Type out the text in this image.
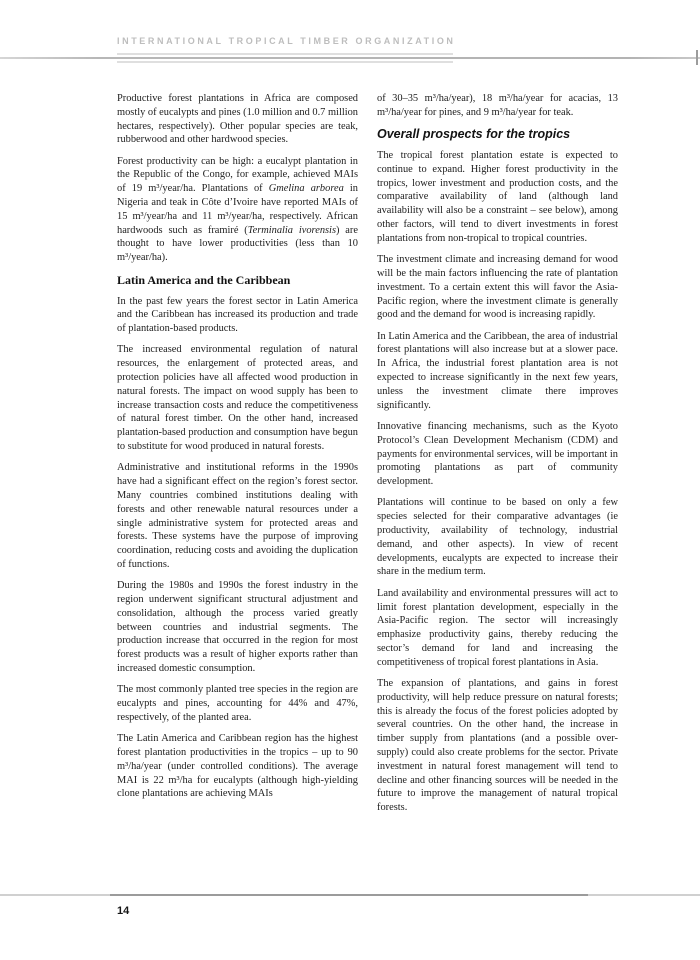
INTERNATIONAL TROPICAL TIMBER ORGANIZATION

Productive forest plantations in Africa are composed mostly of eucalypts and pines (1.0 million and 0.7 million hectares, respectively). Other popular species are teak, rubberwood and other hardwood species.

Forest productivity can be high: a eucalypt plantation in the Republic of the Congo, for example, achieved MAIs of 19 m³/year/ha. Plantations of Gmelina arborea in Nigeria and teak in Côte d’Ivoire have reported MAIs of 15 m³/year/ha and 11 m³/year/ha, respectively. African hardwoods such as framiré (Terminalia ivorensis) are thought to have lower productivities (less than 10 m³/year/ha).

Latin America and the Caribbean

In the past few years the forest sector in Latin America and the Caribbean has increased its production and trade of plantation-based products.

The increased environmental regulation of natural resources, the enlargement of protected areas, and protection policies have all affected wood production in natural forests. The impact on wood supply has been to increase transaction costs and reduce the competitiveness of natural forest timber. On the other hand, increased plantation-based production and consumption have begun to substitute for wood produced in natural forests.

Administrative and institutional reforms in the 1990s have had a significant effect on the region’s forest sector. Many countries combined institutions dealing with forests and other renewable natural resources under a single administrative system for protected areas and forests. These systems have the purpose of improving coordination, reducing costs and avoiding the duplication of functions.

During the 1980s and 1990s the forest industry in the region underwent significant structural adjustment and consolidation, although the process varied greatly between countries and industrial segments. The production increase that occurred in the region for most forest products was a result of higher exports rather than increased domestic consumption.

The most commonly planted tree species in the region are eucalypts and pines, accounting for 44% and 47%, respectively, of the planted area.

The Latin America and Caribbean region has the highest forest plantation productivities in the tropics – up to 90 m³/ha/year (under controlled conditions). The average MAI is 22 m³/ha for eucalypts (although high-yielding clone plantations are achieving MAIs

of 30–35 m³/ha/year), 18 m³/ha/year for acacias, 13 m³/ha/year for pines, and 9 m³/ha/year for teak.

Overall prospects for the tropics

The tropical forest plantation estate is expected to continue to expand. Higher forest productivity in the tropics, lower investment and production costs, and the comparative availability of land (although land availability will also be a constraint – see below), among other factors, will tend to divert investments in forest plantations from non-tropical to tropical countries.

The investment climate and increasing demand for wood will be the main factors influencing the rate of plantation investment. To a certain extent this will favor the Asia-Pacific region, where the investment climate is generally good and the demand for wood is increasing rapidly.

In Latin America and the Caribbean, the area of industrial forest plantations will also increase but at a slower pace. In Africa, the industrial forest plantation area is not expected to increase significantly in the next few years, unless the investment climate there improves significantly.

Innovative financing mechanisms, such as the Kyoto Protocol’s Clean Development Mechanism (CDM) and payments for environmental services, will be important in promoting plantations as part of community development.

Plantations will continue to be based on only a few species selected for their comparative advantages (ie productivity, availability of technology, industrial demand, and other aspects). In view of recent developments, eucalypts are expected to increase their share in the medium term.

Land availability and environmental pressures will act to limit forest plantation development, especially in the Asia-Pacific region. The sector will increasingly emphasize productivity gains, thereby reducing the sector’s demand for land and increasing the competitiveness of tropical forest plantations in Asia.

The expansion of plantations, and gains in forest productivity, will help reduce pressure on natural forests; this is already the focus of the forest policies adopted by several countries. On the other hand, the increase in timber supply from plantations (and a possible over-supply) could also create problems for the sector. Private investment in natural forest management will tend to decline and other financing sources will be needed in the future to improve the management of natural tropical forests.

14
